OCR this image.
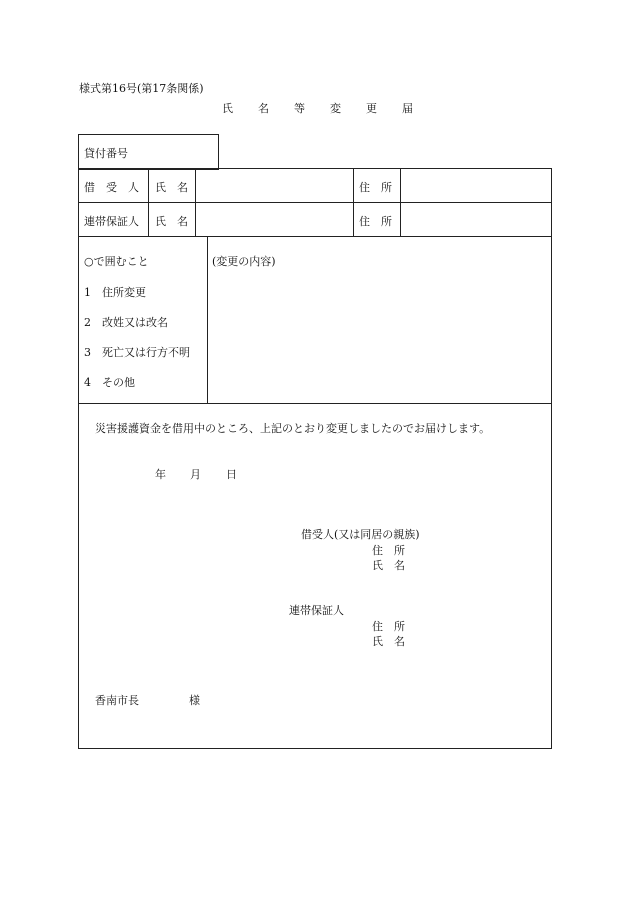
様式第16号(第17条関係)
氏 名 等 変 更 届
貸付番号
借　受　人 氏　名	住　所
連帯保証人 氏　名	住　所
○で囲むこと
1　住所変更
2　改姓又は改名
3　死亡又は行方不明
4　その他
(変更の内容)
災害援護資金を借用中のところ、上記のとおり変更しましたのでお届けします。
年 月 日
借受人(又は同居の親族)
住　所
氏　名
連帯保証人
住　所
氏　名
香南市長	様
